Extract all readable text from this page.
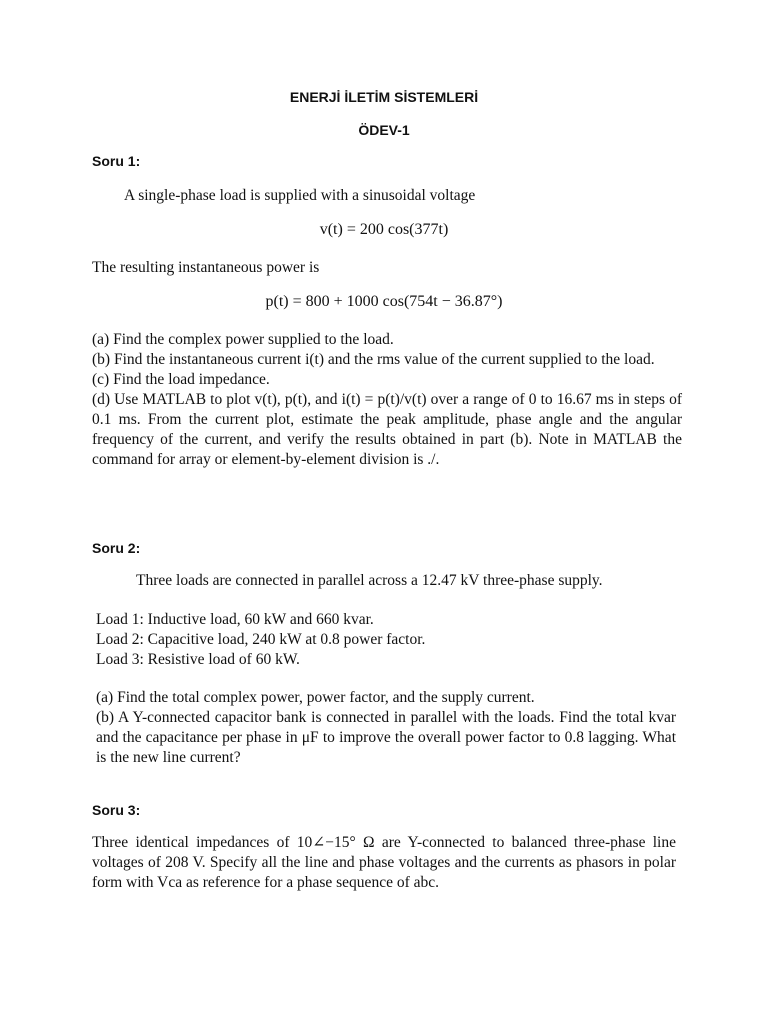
ENERJİ İLETİM SİSTEMLERİ
ÖDEV-1
Soru 1:
A single-phase load is supplied with a sinusoidal voltage
v(t) = 200 cos(377t)
The resulting instantaneous power is
p(t) = 800 + 1000 cos(754t − 36.87°)
(a) Find the complex power supplied to the load.
(b) Find the instantaneous current i(t) and the rms value of the current supplied to the load.
(c) Find the load impedance.
(d) Use MATLAB to plot v(t), p(t), and i(t) = p(t)/v(t) over a range of 0 to 16.67 ms in steps of 0.1 ms. From the current plot, estimate the peak amplitude, phase angle and the angular frequency of the current, and verify the results obtained in part (b). Note in MATLAB the command for array or element-by-element division is ./.
Soru 2:
Three loads are connected in parallel across a 12.47 kV three-phase supply.
Load 1: Inductive load, 60 kW and 660 kvar.
Load 2: Capacitive load, 240 kW at 0.8 power factor.
Load 3: Resistive load of 60 kW.
(a) Find the total complex power, power factor, and the supply current.
(b) A Y-connected capacitor bank is connected in parallel with the loads. Find the total kvar and the capacitance per phase in μF to improve the overall power factor to 0.8 lagging. What is the new line current?
Soru 3:
Three identical impedances of 10∠−15° Ω are Y-connected to balanced three-phase line voltages of 208 V. Specify all the line and phase voltages and the currents as phasors in polar form with Vca as reference for a phase sequence of abc.
